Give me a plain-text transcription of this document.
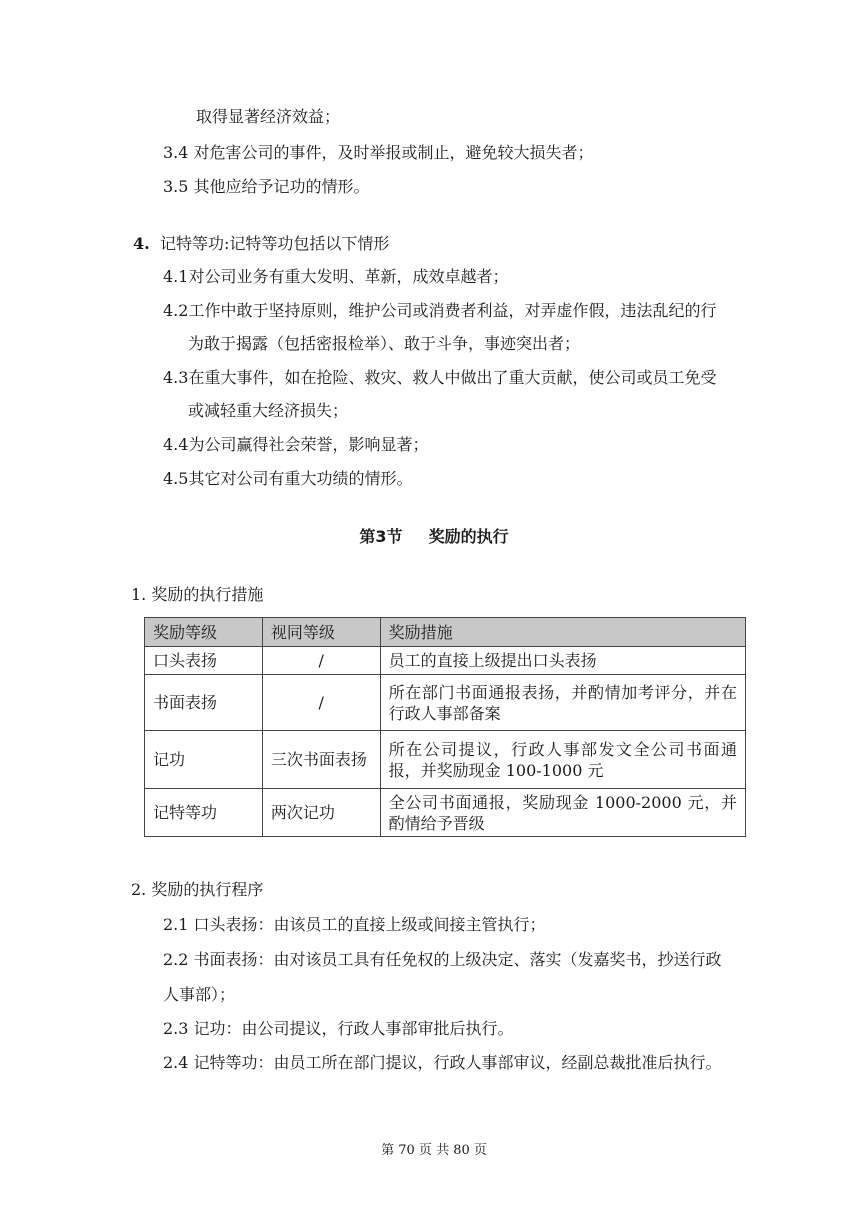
取得显著经济效益；
3.4 对危害公司的事件，及时举报或制止，避免较大损失者；
3.5 其他应给予记功的情形。
4. 记特等功:记特等功包括以下情形
4.1对公司业务有重大发明、革新，成效卓越者；
4.2工作中敢于坚持原则，维护公司或消费者利益，对弄虚作假，违法乱纪的行
为敢于揭露（包括密报检举）、敢于斗争，事迹突出者；
4.3在重大事件，如在抢险、救灾、救人中做出了重大贡献，使公司或员工免受
或减轻重大经济损失；
4.4为公司赢得社会荣誉，影响显著；
4.5其它对公司有重大功绩的情形。
第3节 奖励的执行
1. 奖励的执行措施
奖励等级	视同等级	奖励措施
口头表扬	/	员工的直接上级提出口头表扬
书面表扬	/	所在部门书面通报表扬，并酌情加考评分，并在行政人事部备案
记功	三次书面表扬	所在公司提议，行政人事部发文全公司书面通报，并奖励现金 100-1000 元
记特等功	两次记功	全公司书面通报，奖励现金 1000-2000 元，并酌情给予晋级
2. 奖励的执行程序
2.1 口头表扬：由该员工的直接上级或间接主管执行；
2.2 书面表扬：由对该员工具有任免权的上级决定、落实（发嘉奖书，抄送行政
人事部）；
2.3 记功：由公司提议，行政人事部审批后执行。
2.4 记特等功：由员工所在部门提议，行政人事部审议，经副总裁批准后执行。
第 70 页 共 80 页
